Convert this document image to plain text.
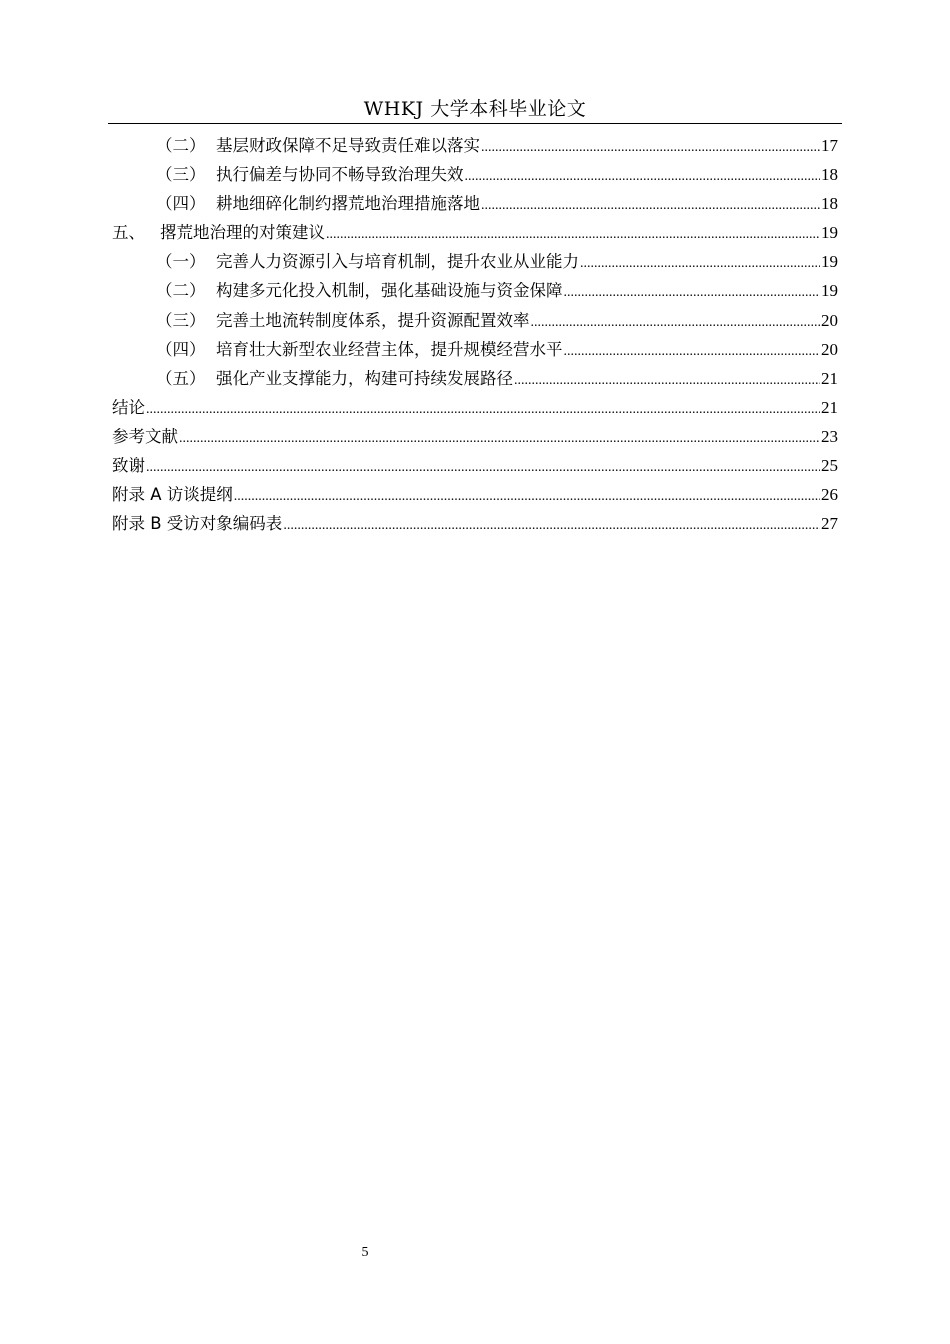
WHKJ 大学本科毕业论文
（二） 基层财政保障不足导致责任难以落实 .....	17
（三） 执行偏差与协同不畅导致治理失效 .....	18
（四） 耕地细碎化制约撂荒地治理措施落地 .....	18
五、 撂荒地治理的对策建议 .....	19
（一） 完善人力资源引入与培育机制，提升农业从业能力 .....	19
（二） 构建多元化投入机制，强化基础设施与资金保障 .....	19
（三） 完善土地流转制度体系，提升资源配置效率 .....	20
（四） 培育壮大新型农业经营主体，提升规模经营水平 .....	20
（五） 强化产业支撑能力，构建可持续发展路径 .....	21
结论 .....	21
参考文献 .....	23
致谢 .....	25
附录 A 访谈提纲 .....	26
附录 B 受访对象编码表 .....	27
5
